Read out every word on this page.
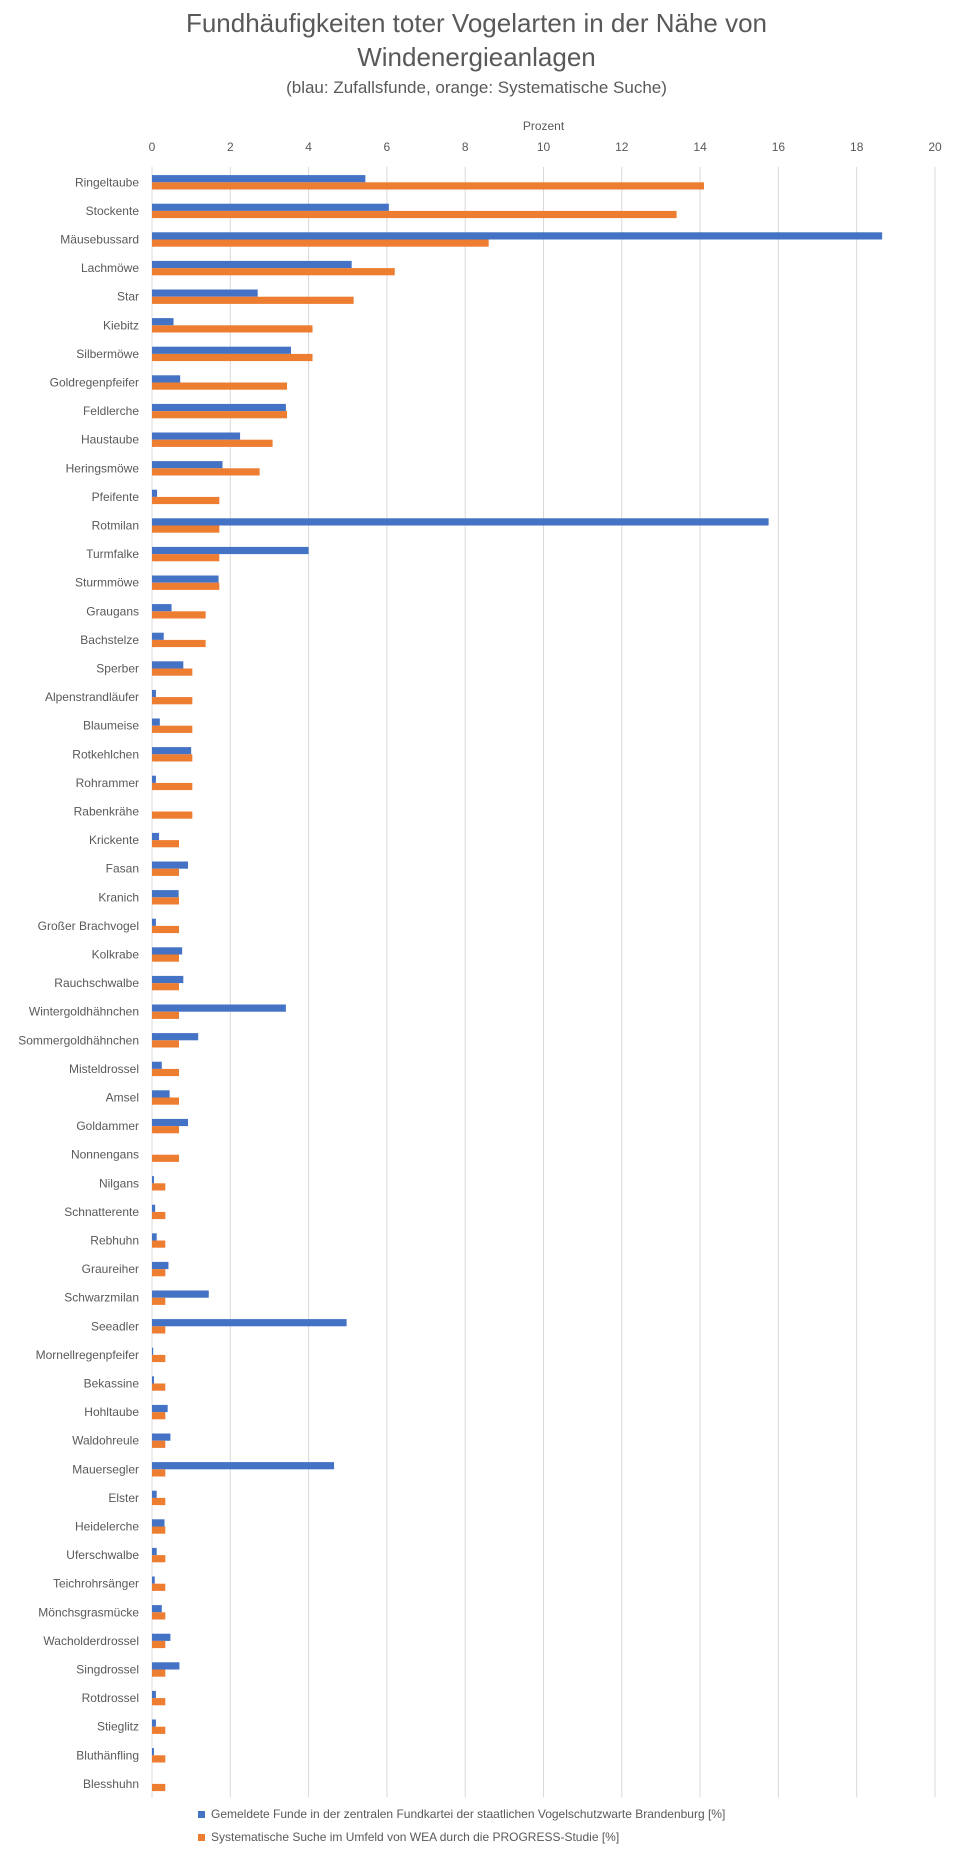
Fundhäufigkeiten toter Vogelarten in der Nähe von
Windenergieanlagen
(blau: Zufallsfunde, orange: Systematische Suche)
Prozent
0	2	4	6	8	10	12	14	16	18	20
Ringeltaube
Stockente
Mäusebussard
Lachmöwe
Star
Kiebitz
Silbermöwe
Goldregenpfeifer
Feldlerche
Haustaube
Heringsmöwe
Pfeifente
Rotmilan
Turmfalke
Sturmmöwe
Graugans
Bachstelze
Sperber
Alpenstrandläufer
Blaumeise
Rotkehlchen
Rohrammer
Rabenkrähe
Krickente
Fasan
Kranich
Großer Brachvogel
Kolkrabe
Rauchschwalbe
Wintergoldhähnchen
Sommergoldhähnchen
Misteldrossel
Amsel
Goldammer
Nonnengans
Nilgans
Schnatterente
Rebhuhn
Graureiher
Schwarzmilan
Seeadler
Mornellregenpfeifer
Bekassine
Hohltaube
Waldohreule
Mauersegler
Elster
Heidelerche
Uferschwalbe
Teichrohrsänger
Mönchsgrasmücke
Wacholderdrossel
Singdrossel
Rotdrossel
Stieglitz
Bluthänfling
Blesshuhn
Gemeldete Funde in der zentralen Fundkartei der staatlichen Vogelschutzwarte Brandenburg [%]
Systematische Suche im Umfeld von WEA durch die PROGRESS-Studie [%]
